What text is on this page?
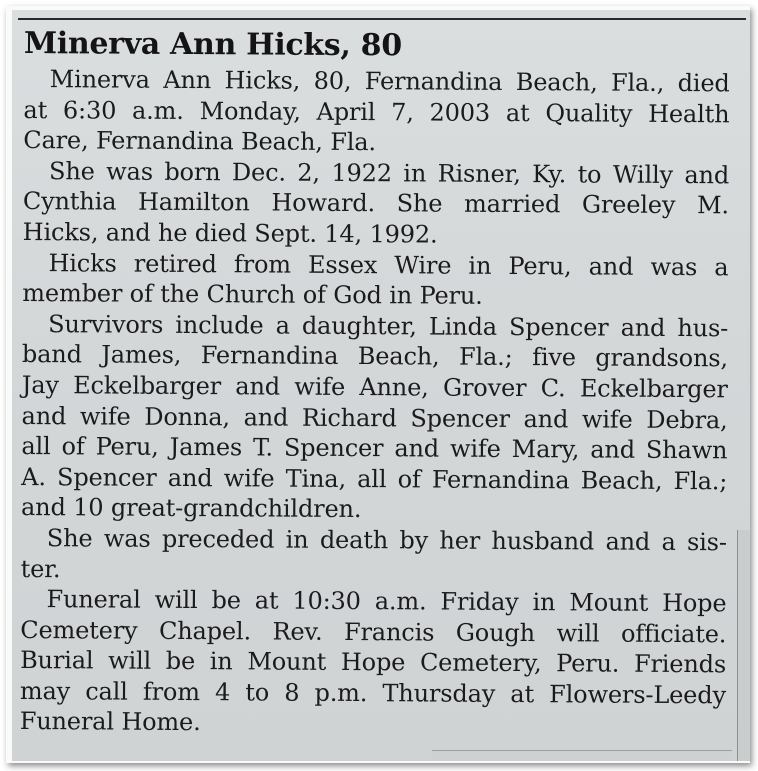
Minerva Ann Hicks, 80
Minerva Ann Hicks, 80, Fernandina Beach, Fla., died
at 6:30 a.m. Monday, April 7, 2003 at Quality Health
Care, Fernandina Beach, Fla.
She was born Dec. 2, 1922 in Risner, Ky. to Willy and
Cynthia Hamilton Howard. She married Greeley M.
Hicks, and he died Sept. 14, 1992.
Hicks retired from Essex Wire in Peru, and was a
member of the Church of God in Peru.
Survivors include a daughter, Linda Spencer and hus-
band James, Fernandina Beach, Fla.; five grandsons,
Jay Eckelbarger and wife Anne, Grover C. Eckelbarger
and wife Donna, and Richard Spencer and wife Debra,
all of Peru, James T. Spencer and wife Mary, and Shawn
A. Spencer and wife Tina, all of Fernandina Beach, Fla.;
and 10 great-grandchildren.
She was preceded in death by her husband and a sis-
ter.
Funeral will be at 10:30 a.m. Friday in Mount Hope
Cemetery Chapel. Rev. Francis Gough will officiate.
Burial will be in Mount Hope Cemetery, Peru. Friends
may call from 4 to 8 p.m. Thursday at Flowers-Leedy
Funeral Home.
